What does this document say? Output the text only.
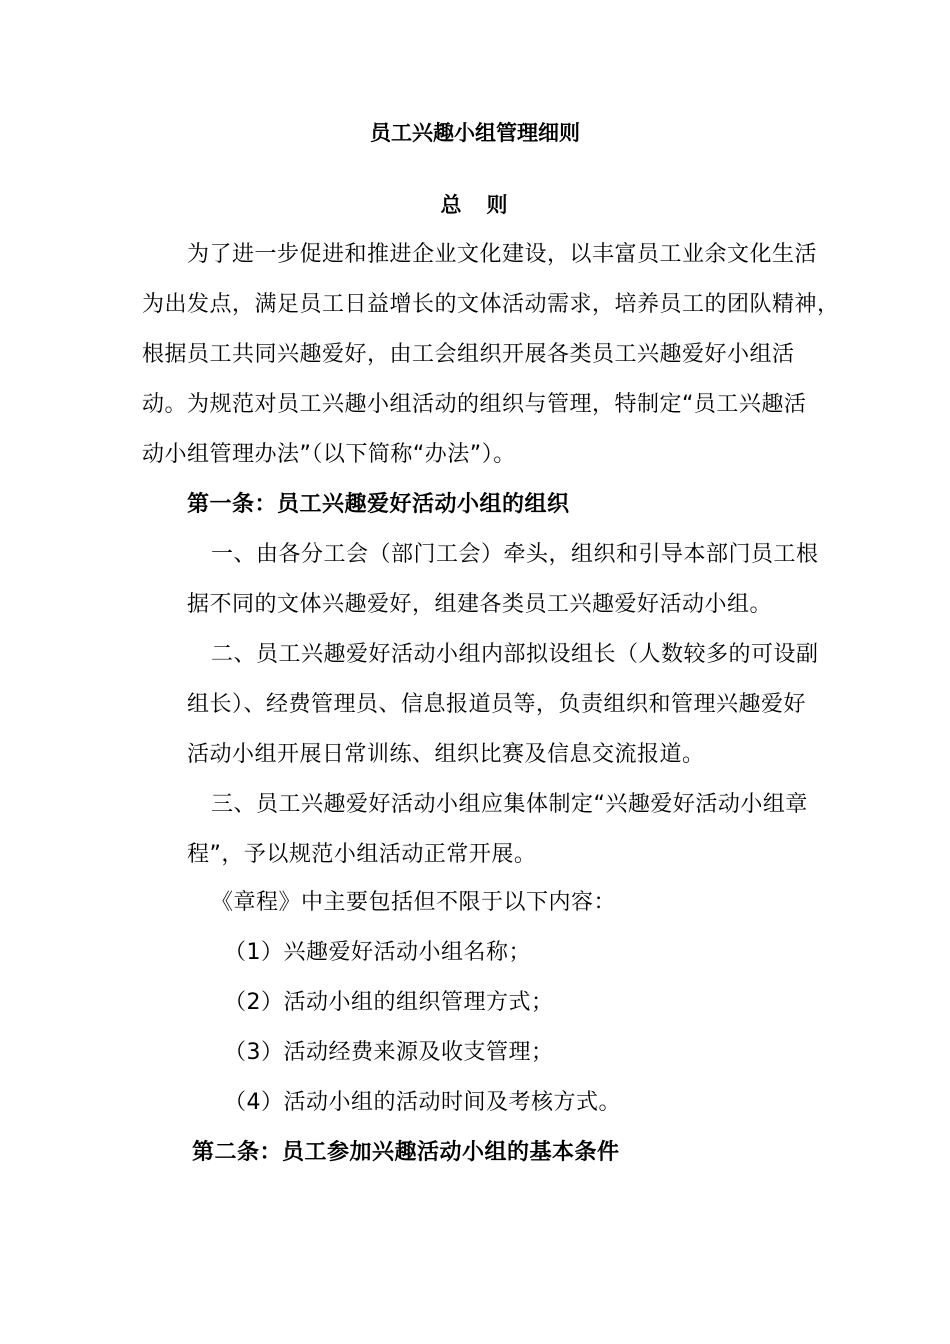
员工兴趣小组管理细则
总　则
为了进一步促进和推进企业文化建设，以丰富员工业余文化生活
为出发点，满足员工日益增长的文体活动需求，培养员工的团队精神，
根据员工共同兴趣爱好，由工会组织开展各类员工兴趣爱好小组活
动。为规范对员工兴趣小组活动的组织与管理，特制定“员工兴趣活
动小组管理办法”（以下简称“办法”）。
第一条：员工兴趣爱好活动小组的组织
一、由各分工会（部门工会）牵头，组织和引导本部门员工根
据不同的文体兴趣爱好，组建各类员工兴趣爱好活动小组。
二、员工兴趣爱好活动小组内部拟设组长（人数较多的可设副
组长）、经费管理员、信息报道员等，负责组织和管理兴趣爱好
活动小组开展日常训练、组织比赛及信息交流报道。
三、员工兴趣爱好活动小组应集体制定“兴趣爱好活动小组章
程”，予以规范小组活动正常开展。
《章程》中主要包括但不限于以下内容：
（1）兴趣爱好活动小组名称；
（2）活动小组的组织管理方式；
（3）活动经费来源及收支管理；
（4）活动小组的活动时间及考核方式。
第二条：员工参加兴趣活动小组的基本条件
